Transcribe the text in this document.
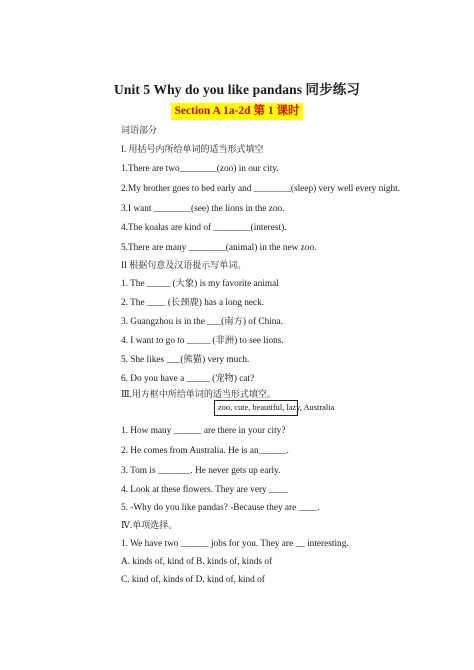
Unit 5 Why do you like pandans 同步练习
Section A 1a-2d 第 1 课时
词语部分
I. 用括号内所给单词的适当形式填空
1.There are two________(zoo) in our city.
2.My brother goes to bed early and ________(sleep) very well every night.
3.I want ________(see) the lions in the zoo.
4.The koalas are kind of ________(interest).
5.There are many ________(animal) in the new zoo.
II 根据句意及汉语提示写单词。
1. The _____ (大象) is my favorite animal
2. The ____ (长颈鹿) has a long neck.
3. Guangzhou is in the ___(南方) of China.
4. I want to go to _____ (非洲) to see lions.
5. She likes ___(熊猫) very much.
6. Do you have a _____ (宠物) cat?
Ⅲ.用方框中所给单词的适当形式填空。
zoo, cute, beautiful, lazy, Australia
1. How many ______ are there in your city?
2. He comes from Australia. He is an______.
3. Tom is _______. He never gets up early.
4. Look at these flowers. They are very ____
5. -Why do you like pandas? -Because they are ____.
Ⅳ.单项选择。
1. We have two ______ jobs for you. They are __ interesting.
A. kinds of, kind of B. kinds of, kinds of
C. kind of, kinds of D. kind of, kind of
